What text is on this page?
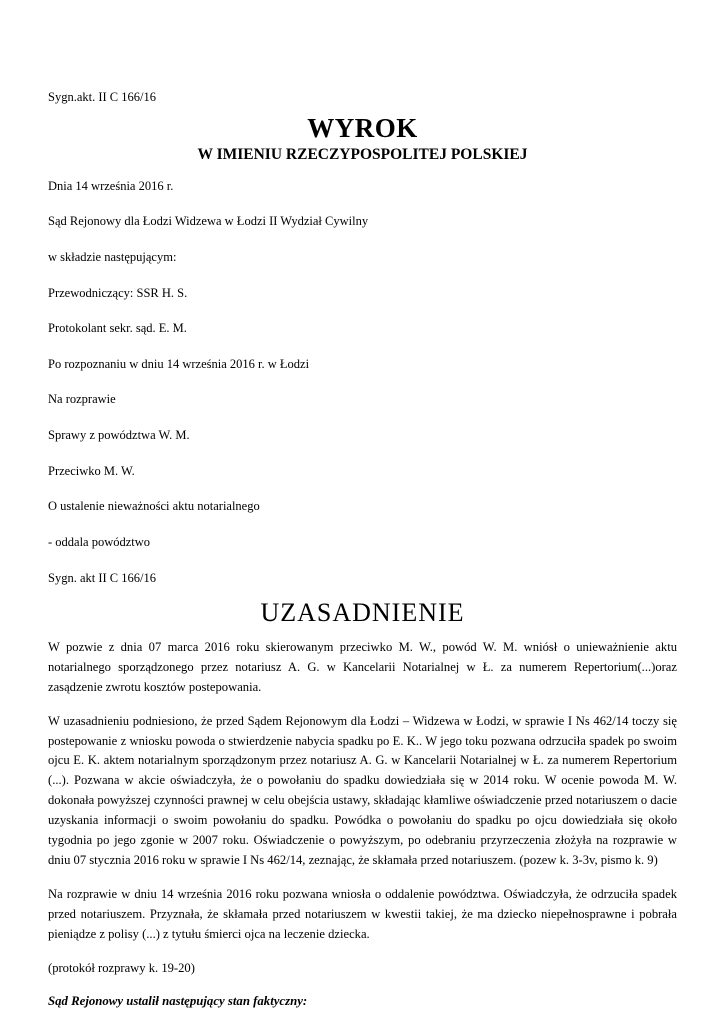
Sygn.akt. II C 166/16

WYROK
W IMIENIU RZECZYPOSPOLITEJ POLSKIEJ

Dnia 14 września 2016 r.

Sąd Rejonowy dla Łodzi Widzewa w Łodzi II Wydział Cywilny

w składzie następującym:

Przewodniczący: SSR H. S.

Protokolant sekr. sąd. E. M.

Po rozpoznaniu w dniu 14 września 2016 r. w Łodzi

Na rozprawie

Sprawy z powództwa W. M.

Przeciwko M. W.

O ustalenie nieważności aktu notarialnego

- oddala powództwo

Sygn. akt II C 166/16

UZASADNIENIE

W pozwie z dnia 07 marca 2016 roku skierowanym przeciwko M. W., powód W. M. wniósł o unieważnienie aktu notarialnego sporządzonego przez notariusz A. G. w Kancelarii Notarialnej w Ł. za numerem Repertorium(...)oraz zasądzenie zwrotu kosztów postepowania.

W uzasadnieniu podniesiono, że przed Sądem Rejonowym dla Łodzi – Widzewa w Łodzi, w sprawie I Ns 462/14 toczy się postepowanie z wniosku powoda o stwierdzenie nabycia spadku po E. K.. W jego toku pozwana odrzuciła spadek po swoim ojcu E. K. aktem notarialnym sporządzonym przez notariusz A. G. w Kancelarii Notarialnej w Ł. za numerem Repertorium (...). Pozwana w akcie oświadczyła, że o powołaniu do spadku dowiedziała się w 2014 roku. W ocenie powoda M. W. dokonała powyższej czynności prawnej w celu obejścia ustawy, składając kłamliwe oświadczenie przed notariuszem o dacie uzyskania informacji o swoim powołaniu do spadku. Powódka o powołaniu do spadku po ojcu dowiedziała się około tygodnia po jego zgonie w 2007 roku. Oświadczenie o powyższym, po odebraniu przyrzeczenia złożyła na rozprawie w dniu 07 stycznia 2016 roku w sprawie I Ns 462/14, zeznając, że skłamała przed notariuszem. (pozew k. 3-3v, pismo k. 9)

Na rozprawie w dniu 14 września 2016 roku pozwana wniosła o oddalenie powództwa. Oświadczyła, że odrzuciła spadek przed notariuszem. Przyznała, że skłamała przed notariuszem w kwestii takiej, że ma dziecko niepełnosprawne i pobrała pieniądze z polisy (...) z tytułu śmierci ojca na leczenie dziecka.

(protokół rozprawy k. 19-20)

Sąd Rejonowy ustalił następujący stan faktyczny:
